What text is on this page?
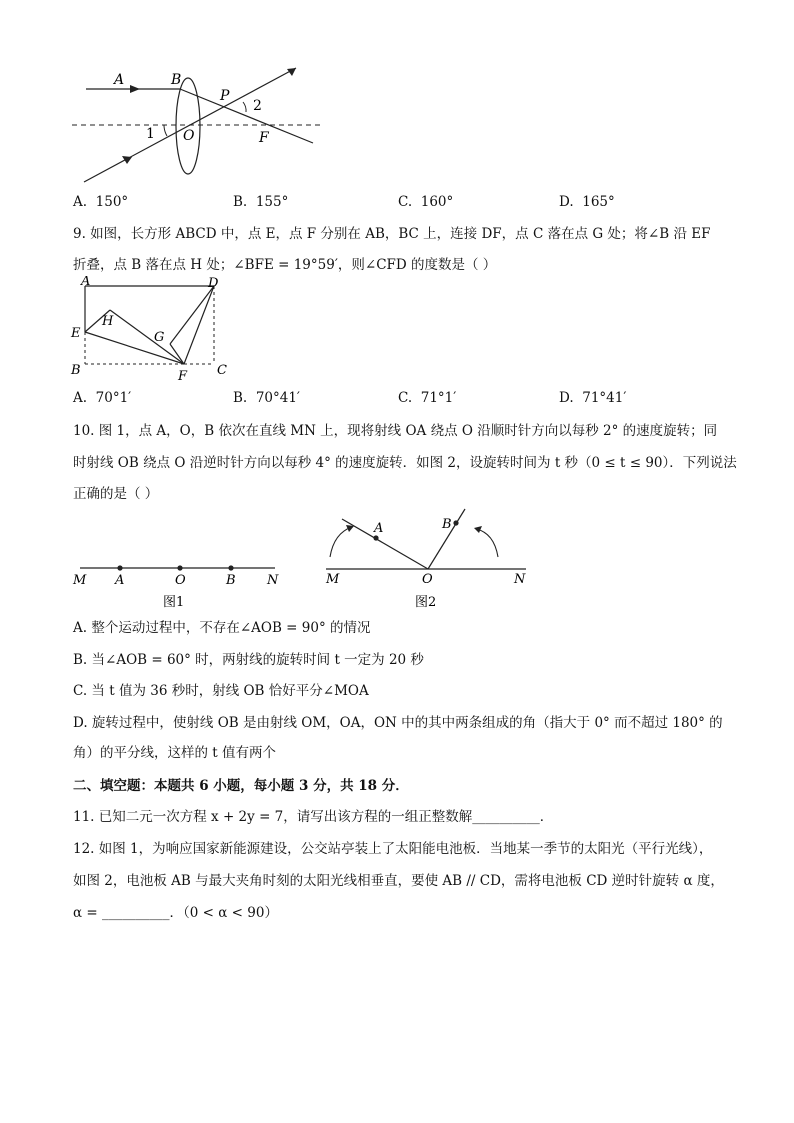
A	B
P
2
1 O	F
A. 150°	B. 155°	C. 160°	D. 165°
9. 如图，长方形 ABCD 中，点 E，点 F 分别在 AB，BC 上，连接 DF，点 C 落在点 G 处；将∠B 沿 EF
折叠，点 B 落在点 H 处；∠BFE = 19°59′，则∠CFD 的度数是（ ）
A	D
H
E	G
B	F C
A. 70°1′	B. 70°41′	C. 71°1′	D. 71°41′
10. 图 1，点 A，O，B 依次在直线 MN 上，现将射线 OA 绕点 O 沿顺时针方向以每秒 2° 的速度旋转；同
时射线 OB 绕点 O 沿逆时针方向以每秒 4° 的速度旋转．如图 2，设旋转时间为 t 秒（0 ≤ t ≤ 90）．下列说法
正确的是（ ）
M A	O	B N
图1
A	B
M	O	N
图2
A. 整个运动过程中，不存在∠AOB = 90° 的情况
B. 当∠AOB = 60° 时，两射线的旋转时间 t 一定为 20 秒
C. 当 t 值为 36 秒时，射线 OB 恰好平分∠MOA
D. 旋转过程中，使射线 OB 是由射线 OM，OA，ON 中的其中两条组成的角（指大于 0° 而不超过 180° 的
角）的平分线，这样的 t 值有两个
二、填空题：本题共 6 小题，每小题 3 分，共 18 分．
11. 已知二元一次方程 x + 2y = 7，请写出该方程的一组正整数解__________．
12. 如图 1，为响应国家新能源建设，公交站亭装上了太阳能电池板．当地某一季节的太阳光（平行光线），
如图 2，电池板 AB 与最大夹角时刻的太阳光线相垂直，要使 AB // CD，需将电池板 CD 逆时针旋转 α 度，
α = __________．（0 < α < 90）
